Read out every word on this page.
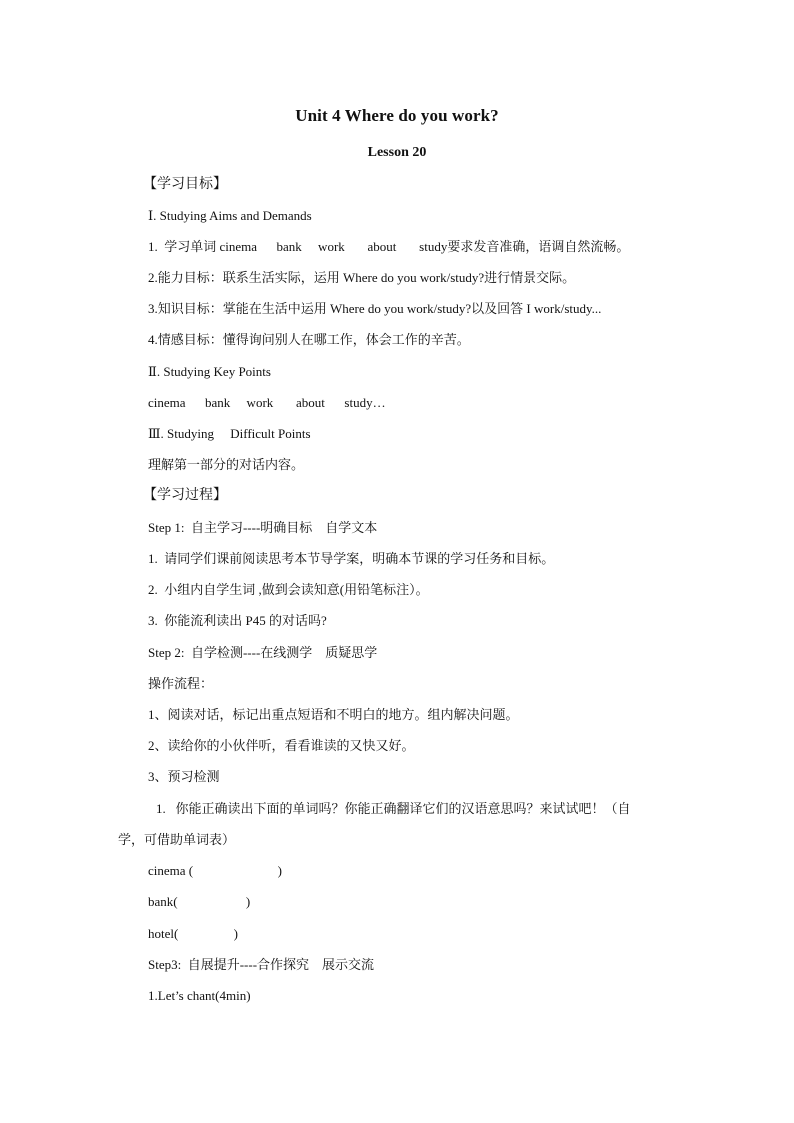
Unit 4 Where do you work?
Lesson 20
【学习目标】
Ⅰ. Studying Aims and Demands
1.  学习单词 cinema      bank     work       about       study要求发音准确，语调自然流畅。
2.能力目标：联系生活实际，运用 Where do you work/study?进行情景交际。
3.知识目标：掌能在生活中运用 Where do you work/study?以及回答 I work/study...
4.情感目标：懂得询问别人在哪工作，体会工作的辛苦。
Ⅱ. Studying Key Points
cinema      bank     work       about      study…
Ⅲ. Studying     Difficult Points
理解第一部分的对话内容。
【学习过程】
Step 1:  自主学习----明确目标    自学文本
1.  请同学们课前阅读思考本节导学案，明确本节课的学习任务和目标。
2.  小组内自学生词 ,做到会读知意(用铅笔标注）。
3.  你能流利读出 P45 的对话吗?
Step 2:  自学检测----在线测学    质疑思学
操作流程：
1、阅读对话，标记出重点短语和不明白的地方。组内解决问题。
2、读给你的小伙伴听，看看谁读的又快又好。
3、预习检测
1.   你能正确读出下面的单词吗？你能正确翻译它们的汉语意思吗？来试试吧！（自
学，可借助单词表）
cinema (                          )
bank(                     )
hotel(                 )
Step3:  自展提升----合作探究    展示交流
1.Let’s chant(4min)
